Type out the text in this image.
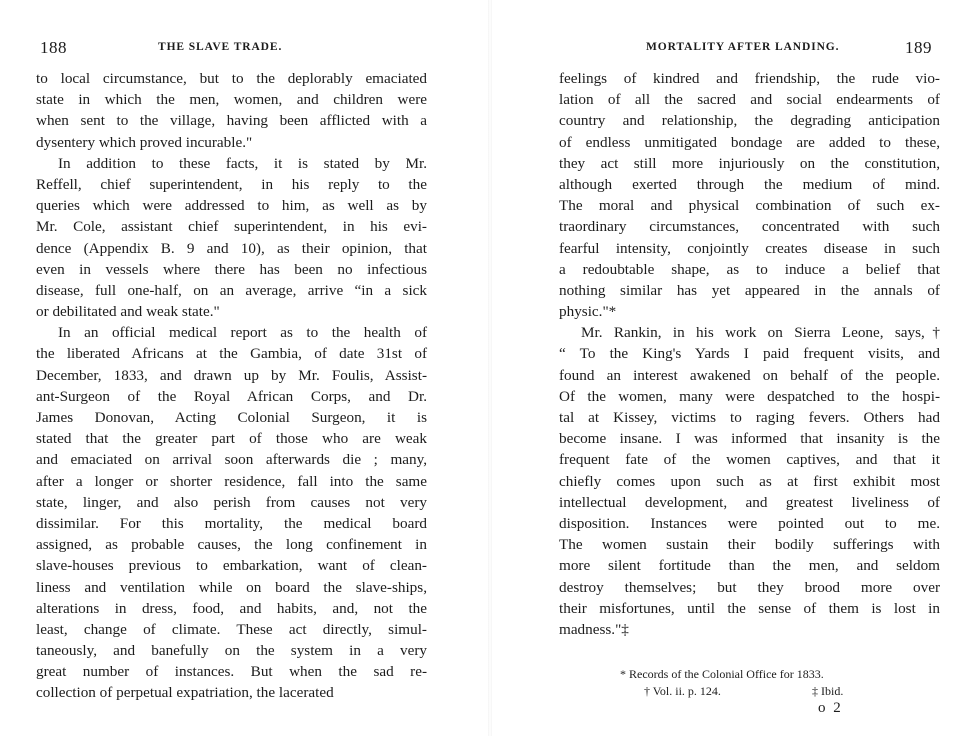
188	THE SLAVE TRADE.
to local circumstance, but to the deplorably emaciated
state in which the men, women, and children were
when sent to the village, having been afflicted with a
dysentery which proved incurable."
In addition to these facts, it is stated by Mr.
Reffell, chief superintendent, in his reply to the
queries which were addressed to him, as well as by
Mr. Cole, assistant chief superintendent, in his evi-
dence (Appendix B. 9 and 10), as their opinion, that
even in vessels where there has been no infectious
disease, full one-half, on an average, arrive “in a sick
or debilitated and weak state."
In an official medical report as to the health of
the liberated Africans at the Gambia, of date 31st of
December, 1833, and drawn up by Mr. Foulis, Assist-
ant-Surgeon of the Royal African Corps, and Dr.
James Donovan, Acting Colonial Surgeon, it is
stated that the greater part of those who are weak
and emaciated on arrival soon afterwards die ; many,
after a longer or shorter residence, fall into the same
state, linger, and also perish from causes not very
dissimilar. For this mortality, the medical board
assigned, as probable causes, the long confinement in
slave-houses previous to embarkation, want of clean-
liness and ventilation while on board the slave-ships,
alterations in dress, food, and habits, and, not the
least, change of climate. These act directly, simul-
taneously, and banefully on the system in a very
great number of instances. But when the sad re-
collection of perpetual expatriation, the lacerated
MORTALITY AFTER LANDING.	189
feelings of kindred and friendship, the rude vio-
lation of all the sacred and social endearments of
country and relationship, the degrading anticipation
of endless unmitigated bondage are added to these,
they act still more injuriously on the constitution,
although exerted through the medium of mind.
The moral and physical combination of such ex-
traordinary circumstances, concentrated with such
fearful intensity, conjointly creates disease in such
a redoubtable shape, as to induce a belief that
nothing similar has yet appeared in the annals of
physic."*
Mr. Rankin, in his work on Sierra Leone, says,†
“ To the King's Yards I paid frequent visits, and
found an interest awakened on behalf of the people.
Of the women, many were despatched to the hospi-
tal at Kissey, victims to raging fevers. Others had
become insane. I was informed that insanity is the
frequent fate of the women captives, and that it
chiefly comes upon such as at first exhibit most
intellectual development, and greatest liveliness of
disposition. Instances were pointed out to me.
The women sustain their bodily sufferings with
more silent fortitude than the men, and seldom
destroy themselves; but they brood more over
their misfortunes, until the sense of them is lost in
madness."‡
* Records of the Colonial Office for 1833.
† Vol. ii. p. 124.	‡ Ibid.
o 2
